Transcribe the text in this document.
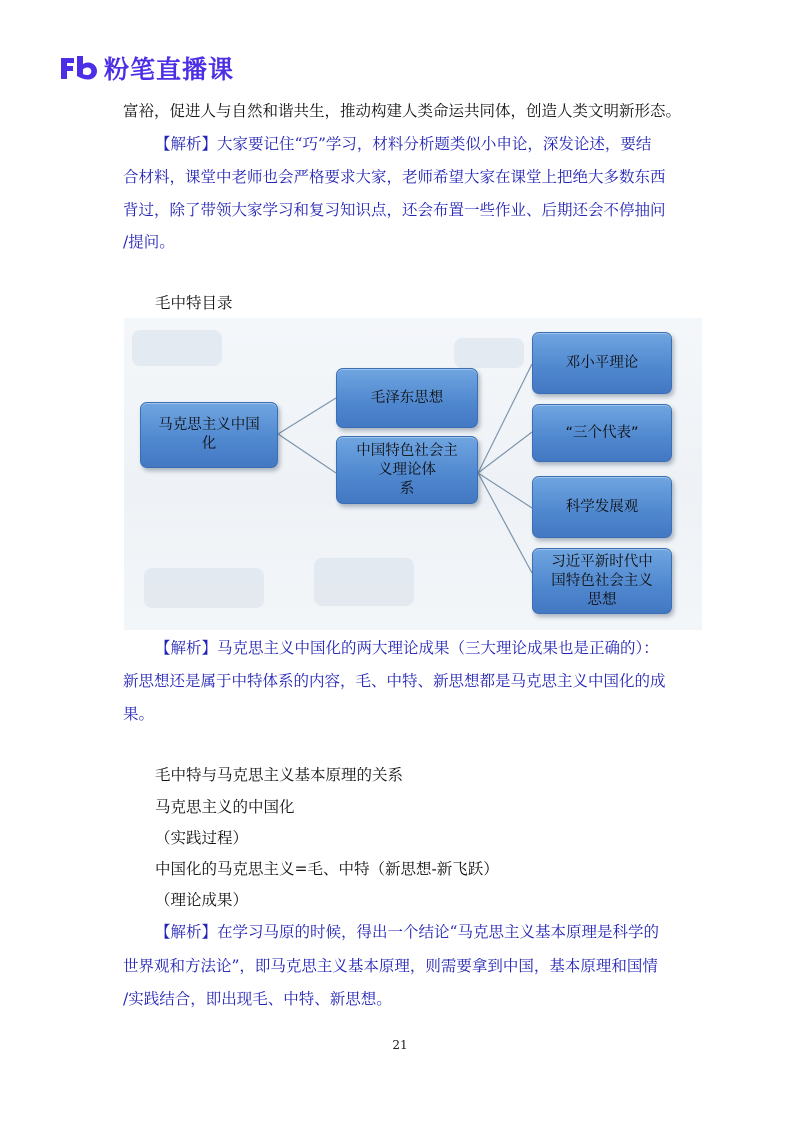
粉笔直播课
富裕，促进人与自然和谐共生，推动构建人类命运共同体，创造人类文明新形态。
【解析】大家要记住“巧”学习，材料分析题类似小申论，深发论述，要结
合材料，课堂中老师也会严格要求大家，老师希望大家在课堂上把绝大多数东西
背过，除了带领大家学习和复习知识点，还会布置一些作业、后期还会不停抽问
/提问。
毛中特目录
马克思主义中国
化
毛泽东思想
中国特色社会主
义理论体
系
邓小平理论
“三个代表”
科学发展观
习近平新时代中
国特色社会主义
思想
【解析】马克思主义中国化的两大理论成果（三大理论成果也是正确的）：
新思想还是属于中特体系的内容，毛、中特、新思想都是马克思主义中国化的成
果。
毛中特与马克思主义基本原理的关系
马克思主义的中国化
（实践过程）
中国化的马克思主义=毛、中特（新思想-新飞跃）
（理论成果）
【解析】在学习马原的时候，得出一个结论“马克思主义基本原理是科学的
世界观和方法论”，即马克思主义基本原理，则需要拿到中国，基本原理和国情
/实践结合，即出现毛、中特、新思想。
21
